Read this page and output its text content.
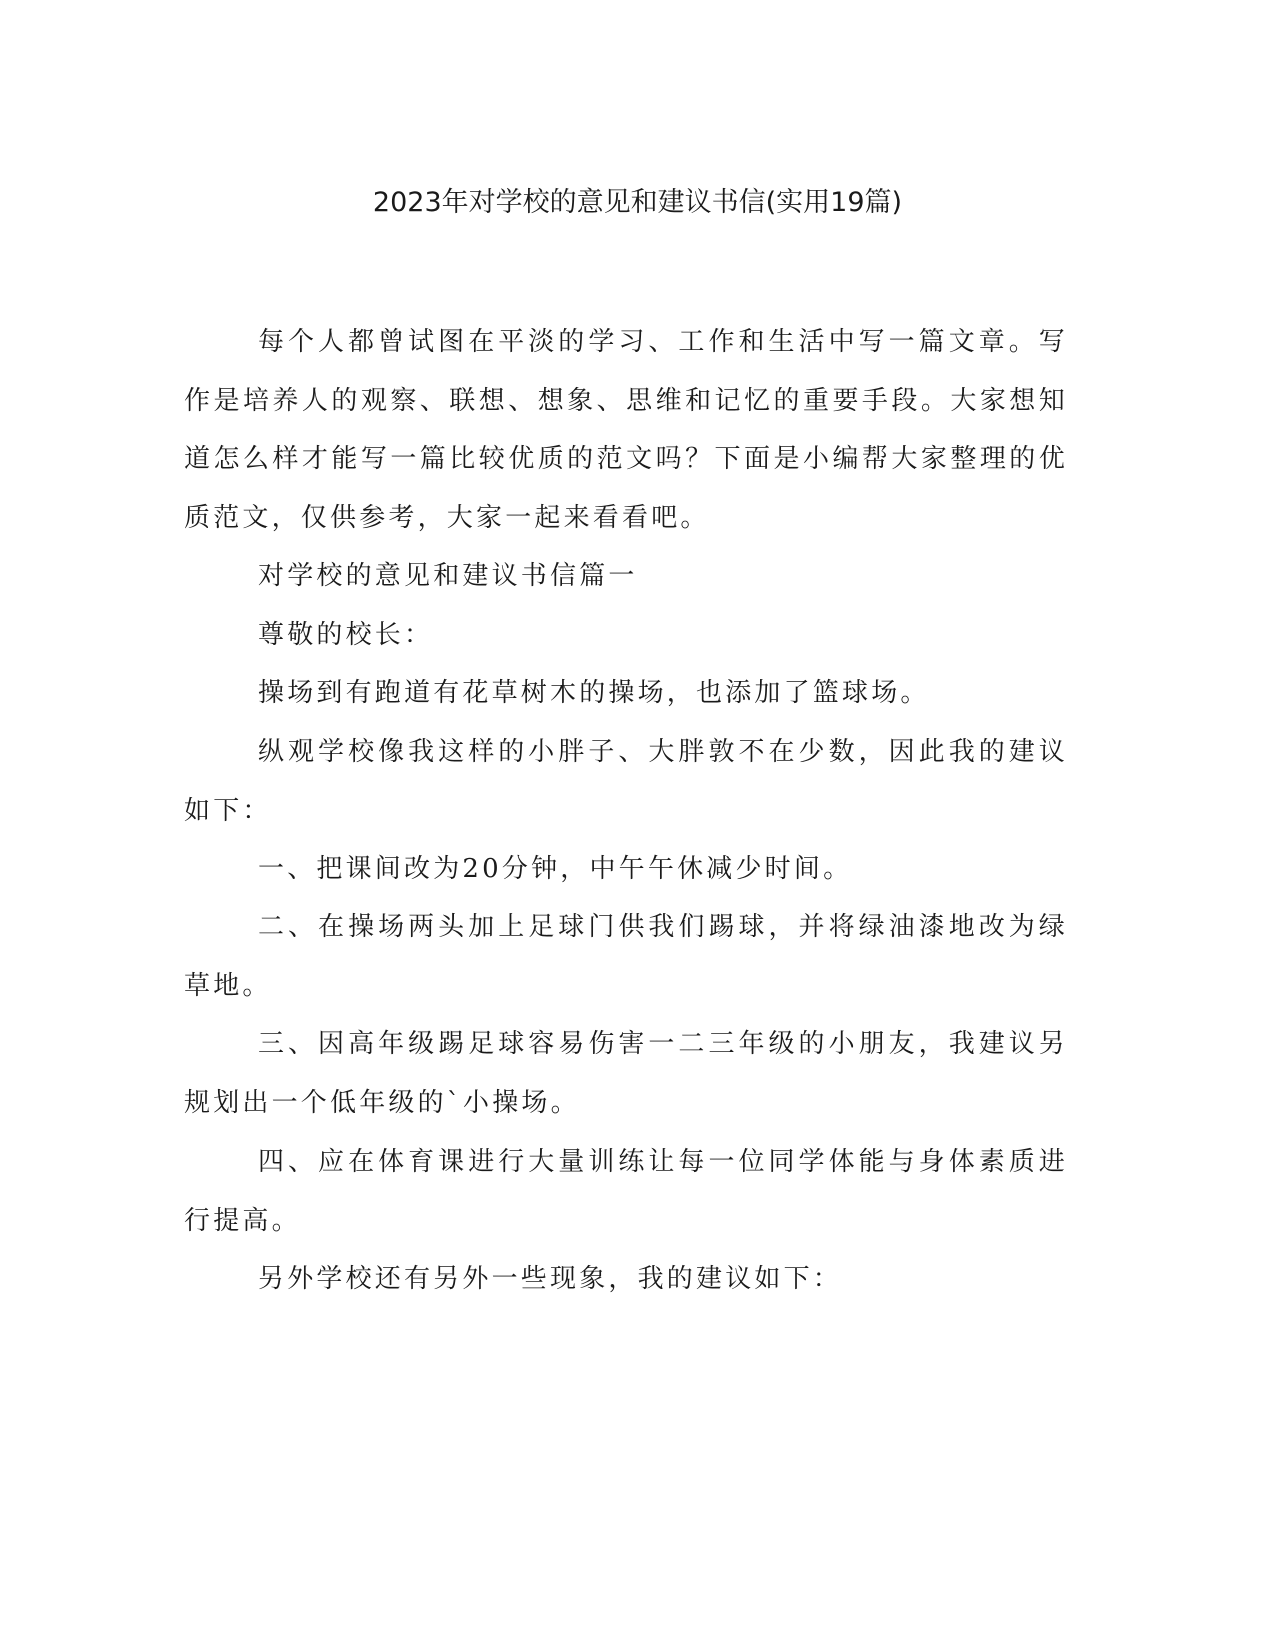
2023年对学校的意见和建议书信(实用19篇)

每个人都曾试图在平淡的学习、工作和生活中写一篇文章。写作是培养人的观察、联想、想象、思维和记忆的重要手段。大家想知道怎么样才能写一篇比较优质的范文吗？下面是小编帮大家整理的优质范文，仅供参考，大家一起来看看吧。

对学校的意见和建议书信篇一

尊敬的校长：

操场到有跑道有花草树木的操场，也添加了篮球场。

纵观学校像我这样的小胖子、大胖敦不在少数，因此我的建议如下：

一、把课间改为20分钟，中午午休减少时间。

二、在操场两头加上足球门供我们踢球，并将绿油漆地改为绿草地。

三、因高年级踢足球容易伤害一二三年级的小朋友，我建议另规划出一个低年级的`小操场。

四、应在体育课进行大量训练让每一位同学体能与身体素质进行提高。

另外学校还有另外一些现象，我的建议如下：
